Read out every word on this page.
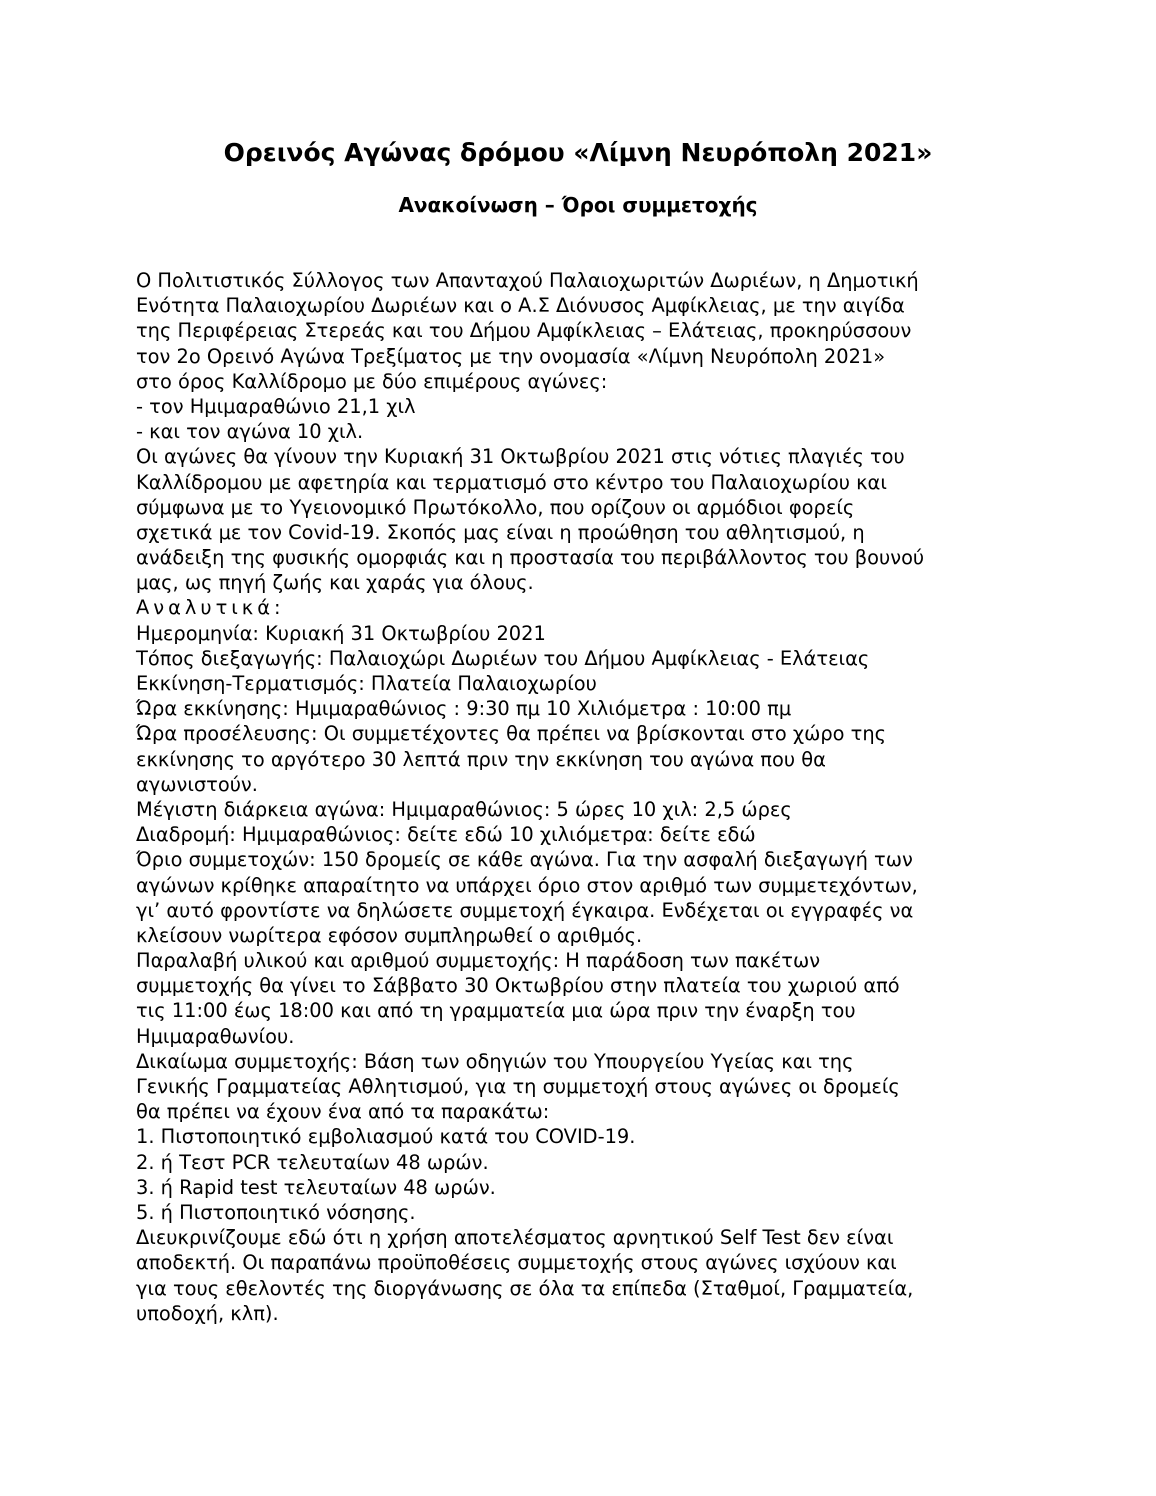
Ορεινός Αγώνας δρόμου «Λίμνη Νευρόπολη 2021»
Ανακοίνωση – Όροι συμμετοχής
Ο Πολιτιστικός Σύλλογος των Απανταχού Παλαιοχωριτών Δωριέων, η Δημοτική
Ενότητα Παλαιοχωρίου Δωριέων και ο Α.Σ Διόνυσος Αμφίκλειας, με την αιγίδα
της Περιφέρειας Στερεάς και του Δήμου Αμφίκλειας – Ελάτειας, προκηρύσσουν
τον 2ο Ορεινό Αγώνα Τρεξίματος με την ονομασία «Λίμνη Νευρόπολη 2021»
στο όρος Καλλίδρομο με δύο επιμέρους αγώνες:
- τον Ημιμαραθώνιο 21,1 χιλ
- και τον αγώνα 10 χιλ.
Οι αγώνες θα γίνουν την Κυριακή 31 Οκτωβρίου 2021 στις νότιες πλαγιές του
Καλλίδρομου με αφετηρία και τερματισμό στο κέντρο του Παλαιοχωρίου και
σύμφωνα με το Υγειονομικό Πρωτόκολλο, που ορίζουν οι αρμόδιοι φορείς
σχετικά με τον Covid-19. Σκοπός μας είναι η προώθηση του αθλητισμού, η
ανάδειξη της φυσικής ομορφιάς και η προστασία του περιβάλλοντος του βουνού
μας, ως πηγή ζωής και χαράς για όλους.
Αναλυτικά:
Ημερομηνία: Κυριακή 31 Οκτωβρίου 2021
Τόπος διεξαγωγής: Παλαιοχώρι Δωριέων του Δήμου Αμφίκλειας - Ελάτειας
Εκκίνηση-Τερματισμός: Πλατεία Παλαιοχωρίου
Ώρα εκκίνησης: Ημιμαραθώνιος : 9:30 πμ 10 Χιλιόμετρα : 10:00 πμ
Ώρα προσέλευσης: Οι συμμετέχοντες θα πρέπει να βρίσκονται στο χώρο της
εκκίνησης το αργότερο 30 λεπτά πριν την εκκίνηση του αγώνα που θα
αγωνιστούν.
Μέγιστη διάρκεια αγώνα: Ημιμαραθώνιος: 5 ώρες 10 χιλ: 2,5 ώρες
Διαδρομή: Ημιμαραθώνιος: δείτε εδώ 10 χιλιόμετρα: δείτε εδώ
Όριο συμμετοχών: 150 δρομείς σε κάθε αγώνα. Για την ασφαλή διεξαγωγή των
αγώνων κρίθηκε απαραίτητο να υπάρχει όριο στον αριθμό των συμμετεχόντων,
γι’ αυτό φροντίστε να δηλώσετε συμμετοχή έγκαιρα. Ενδέχεται οι εγγραφές να
κλείσουν νωρίτερα εφόσον συμπληρωθεί ο αριθμός.
Παραλαβή υλικού και αριθμού συμμετοχής: Η παράδοση των πακέτων
συμμετοχής θα γίνει το Σάββατο 30 Οκτωβρίου στην πλατεία του χωριού από
τις 11:00 έως 18:00 και από τη γραμματεία μια ώρα πριν την έναρξη του
Ημιμαραθωνίου.
Δικαίωμα συμμετοχής: Βάση των οδηγιών του Υπουργείου Υγείας και της
Γενικής Γραμματείας Αθλητισμού, για τη συμμετοχή στους αγώνες οι δρομείς
θα πρέπει να έχουν ένα από τα παρακάτω:
1. Πιστοποιητικό εμβολιασμού κατά του COVID-19.
2. ή Τεστ PCR τελευταίων 48 ωρών.
3. ή Rapid test τελευταίων 48 ωρών.
5. ή Πιστοποιητικό νόσησης.
Διευκρινίζουμε εδώ ότι η χρήση αποτελέσματος αρνητικού Self Test δεν είναι
αποδεκτή. Οι παραπάνω προϋποθέσεις συμμετοχής στους αγώνες ισχύουν και
για τους εθελοντές της διοργάνωσης σε όλα τα επίπεδα (Σταθμοί, Γραμματεία,
υποδοχή, κλπ).
